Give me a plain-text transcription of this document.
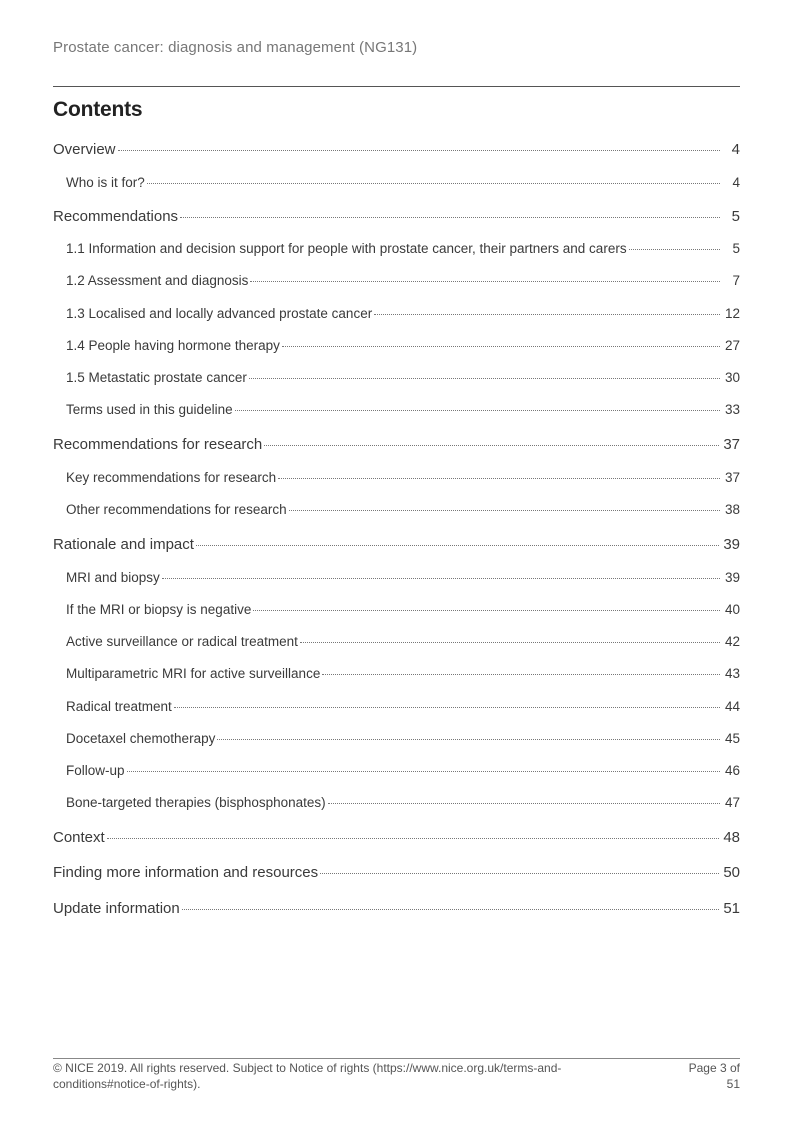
Prostate cancer: diagnosis and management (NG131)
Contents
Overview	4
Who is it for?	4
Recommendations	5
1.1 Information and decision support for people with prostate cancer, their partners and carers	5
1.2 Assessment and diagnosis	7
1.3 Localised and locally advanced prostate cancer	12
1.4 People having hormone therapy	27
1.5 Metastatic prostate cancer	30
Terms used in this guideline	33
Recommendations for research	37
Key recommendations for research	37
Other recommendations for research	38
Rationale and impact	39
MRI and biopsy	39
If the MRI or biopsy is negative	40
Active surveillance or radical treatment	42
Multiparametric MRI for active surveillance	43
Radical treatment	44
Docetaxel chemotherapy	45
Follow-up	46
Bone-targeted therapies (bisphosphonates)	47
Context	48
Finding more information and resources	50
Update information	51
© NICE 2019. All rights reserved. Subject to Notice of rights (https://www.nice.org.uk/terms-and-
conditions#notice-of-rights).
Page 3 of
51
